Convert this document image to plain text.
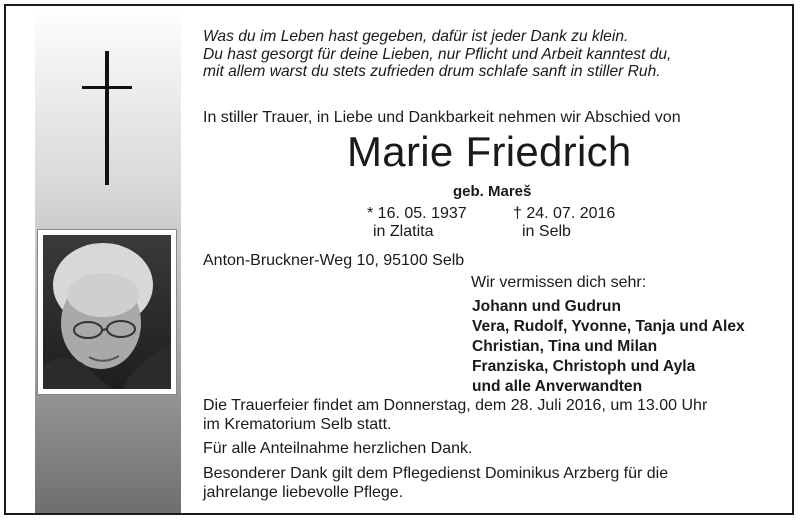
Was du im Leben hast gegeben, dafür ist jeder Dank zu klein.
Du hast gesorgt für deine Lieben, nur Pflicht und Arbeit kanntest du,
mit allem warst du stets zufrieden drum schlafe sanft in stiller Ruh.
In stiller Trauer, in Liebe und Dankbarkeit nehmen wir Abschied von
Marie Friedrich
geb. Mareš
* 16. 05. 1937
in Zlatita
† 24. 07. 2016
in Selb
Anton-Bruckner-Weg 10, 95100 Selb
Wir vermissen dich sehr:
Johann und Gudrun
Vera, Rudolf, Yvonne, Tanja und Alex
Christian, Tina und Milan
Franziska, Christoph und Ayla
und alle Anverwandten
Die Trauerfeier findet am Donnerstag, dem 28. Juli 2016, um 13.00 Uhr
im Krematorium Selb statt.
Für alle Anteilnahme herzlichen Dank.
Besonderer Dank gilt dem Pflegedienst Dominikus Arzberg für die
jahrelange liebevolle Pflege.
